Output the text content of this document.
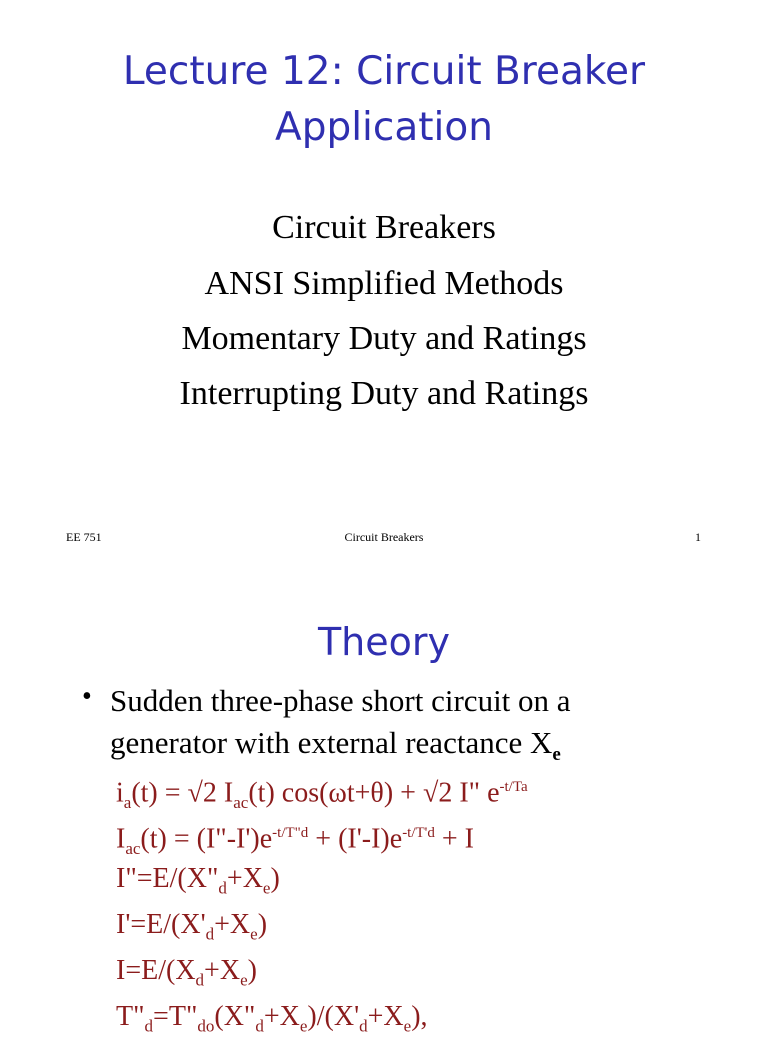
Lecture 12: Circuit Breaker
Application
Circuit Breakers
ANSI Simplified Methods
Momentary Duty and Ratings
Interrupting Duty and Ratings
EE 751	Circuit Breakers	1
Theory
• Sudden three-phase short circuit on a
generator with external reactance $X_e$
$i_a(t) = √2$ $I_{ac}(t) \cos(\omega t+\theta) + √2$ I" $e^{-t/Ta}$
$I_{ac}(t)$ = $(I"-I')e^{-t/T"d} + (I'-I)e^{-t/T'd} + I$
$I"=E/(X"_d+X_e)$
$I'=E/(X'_d+X_e)$
$I=E/(X_d+X_e)$
$T"_d=T"_{do}(X"_d+X_e)/(X'_d+X_e)$,
